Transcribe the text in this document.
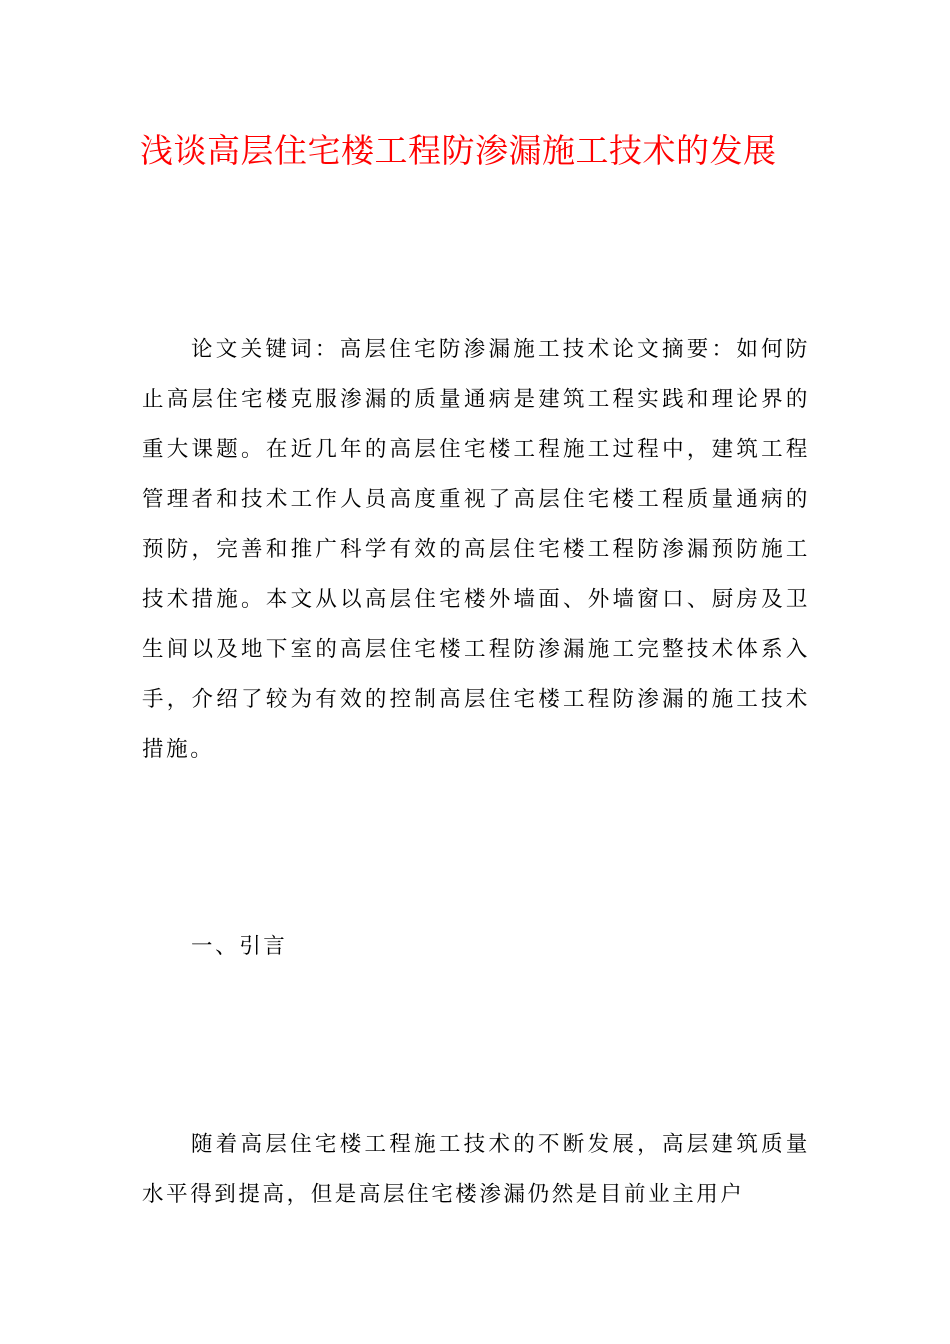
浅谈高层住宅楼工程防渗漏施工技术的发展

论文关键词：高层住宅防渗漏施工技术论文摘要：如何防止高层住宅楼克服渗漏的质量通病是建筑工程实践和理论界的重大课题。在近几年的高层住宅楼工程施工过程中，建筑工程管理者和技术工作人员高度重视了高层住宅楼工程质量通病的预防，完善和推广科学有效的高层住宅楼工程防渗漏预防施工技术措施。本文从以高层住宅楼外墙面、外墙窗口、厨房及卫生间以及地下室的高层住宅楼工程防渗漏施工完整技术体系入手，介绍了较为有效的控制高层住宅楼工程防渗漏的施工技术措施。

一、引言

随着高层住宅楼工程施工技术的不断发展，高层建筑质量水平得到提高，但是高层住宅楼渗漏仍然是目前业主用户
